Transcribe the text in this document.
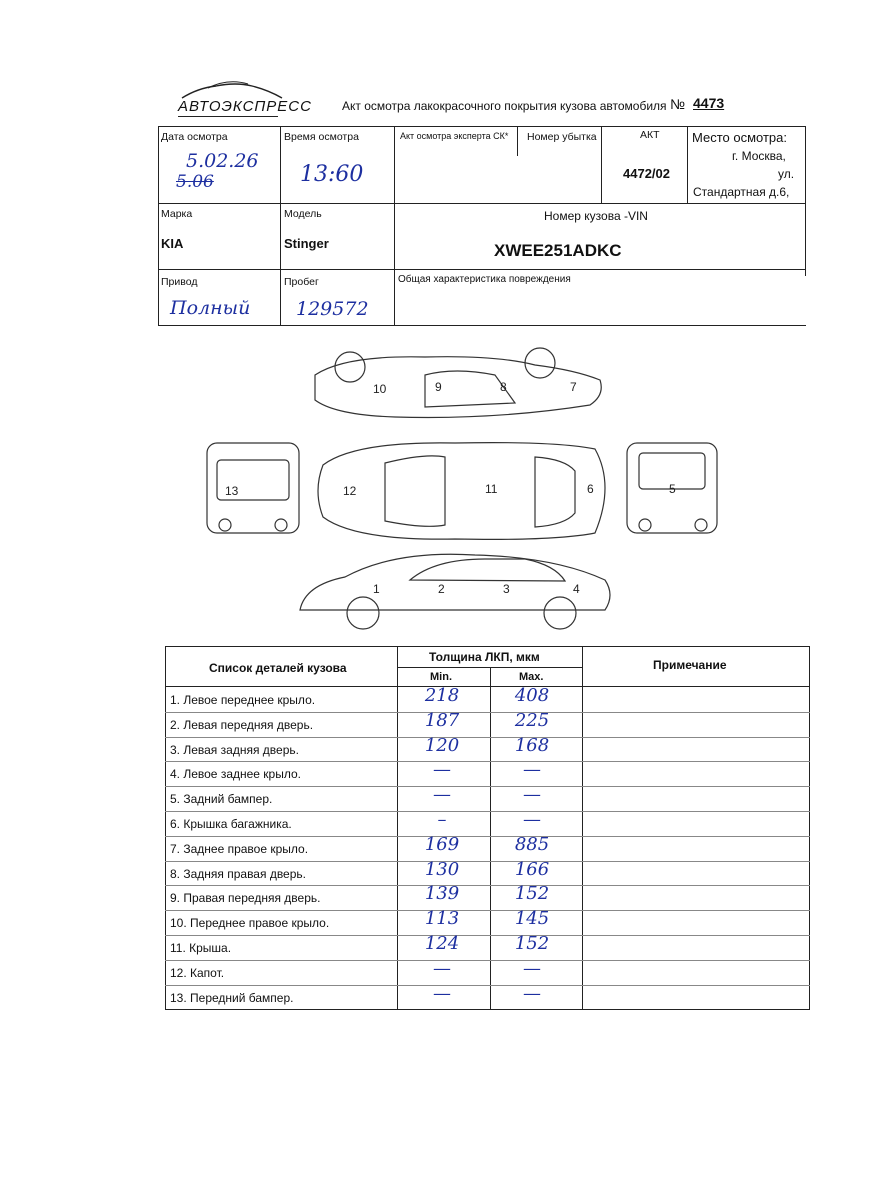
АВТОЭКСПРЕСС	Акт осмотра лакокрасочного покрытия кузова автомобиля № 4473
Дата осмотра
5.02.26
5.06
Время осмотра
13:60
Акт осмотра эксперта СК* Номер убытка	АКТ
4472/02
Место осмотра:
г. Москва,
ул.
Стандартная д.6,
Марка
KIA
Модель
Stinger
Номер кузова -VIN
XWEE251ADKC
Привод
Полный
Пробег
129572
Общая характеристика повреждения
10	9	8	7
13	12	11	6	5
1	2	3	4
Список деталей кузова
Толщина ЛКП, мкм
Min.	Max.
Примечание
1. Левое переднее крыло.	218	408
2. Левая передняя дверь.	187	225
3. Левая задняя дверь.	120	168
4. Левое заднее крыло.	—	—
5. Задний бампер.	—	—
6. Крышка багажника.	–	—
7. Заднее правое крыло.	169	885
8. Задняя правая дверь.	130	166
9. Правая передняя дверь.	139	152
10. Переднее правое крыло.	113	145
11. Крыша.	124	152
12. Капот.	—	—
13. Передний бампер.	—	—
